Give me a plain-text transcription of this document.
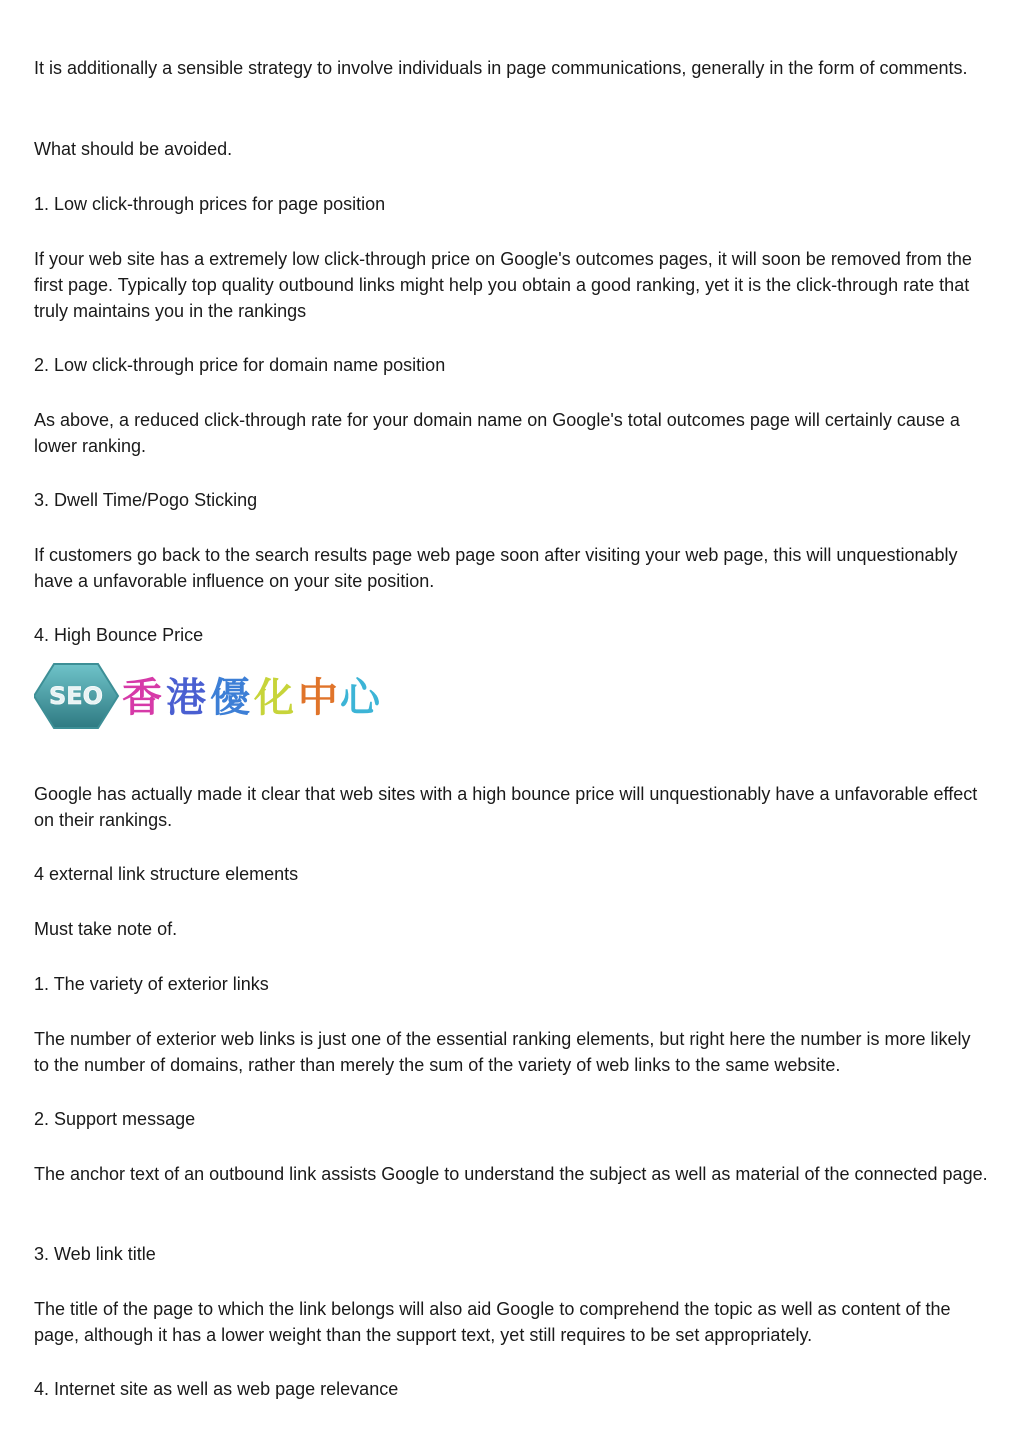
It is additionally a sensible strategy to involve individuals in page communications, generally in the form of comments.

What should be avoided.

1. Low click-through prices for page position

If your web site has a extremely low click-through price on Google's outcomes pages, it will soon be removed from the first page. Typically top quality outbound links might help you obtain a good ranking, yet it is the click-through rate that truly maintains you in the rankings

2. Low click-through price for domain name position

As above, a reduced click-through rate for your domain name on Google's total outcomes page will certainly cause a lower ranking.

3. Dwell Time/Pogo Sticking

If customers go back to the search results page web page soon after visiting your web page, this will unquestionably have a unfavorable influence on your site position.

4. High Bounce Price

SEO 香 港 優 化 中 心

Google has actually made it clear that web sites with a high bounce price will unquestionably have a unfavorable effect on their rankings.

4 external link structure elements

Must take note of.

1. The variety of exterior links

The number of exterior web links is just one of the essential ranking elements, but right here the number is more likely to the number of domains, rather than merely the sum of the variety of web links to the same website.

2. Support message

The anchor text of an outbound link assists Google to understand the subject as well as material of the connected page.

3. Web link title

The title of the page to which the link belongs will also aid Google to comprehend the topic as well as content of the page, although it has a lower weight than the support text, yet still requires to be set appropriately.

4. Internet site as well as web page relevance
